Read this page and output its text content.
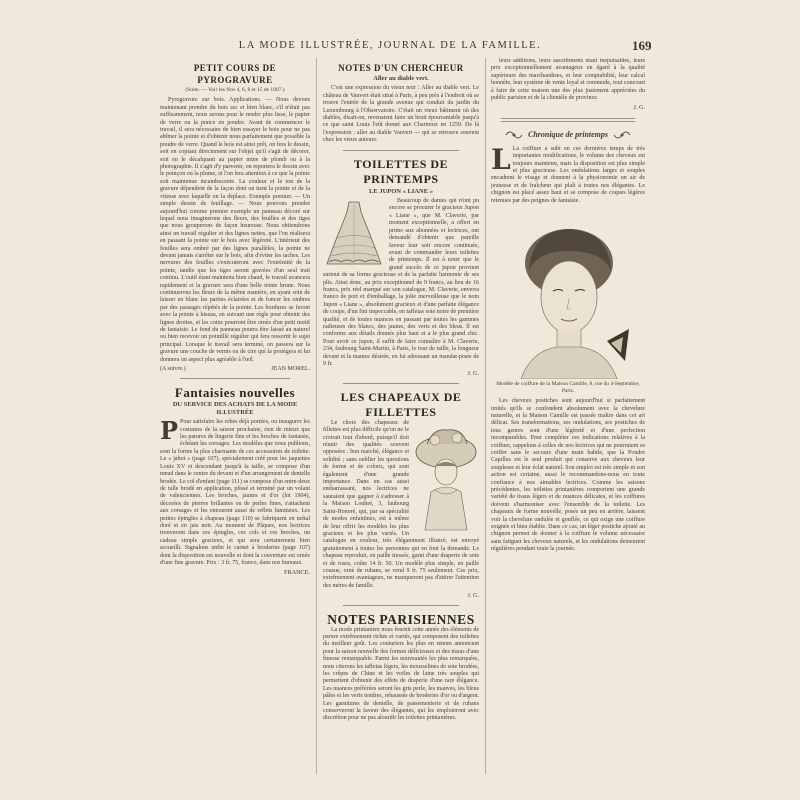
LA MODE ILLUSTRÉE, JOURNAL DE LA FAMILLE.	169
PETIT COURS DE PYROGRAVURE
(Suite. — Voir les Nos 4, 6, 8 et 15 de 1907.)

Pyrogravure sur bois. Applications. — Nous devons maintenant prendre du bois sec et bien blanc, s'il n'était pas suffisamment, nous serons pour le rendre plus lisse, le papier de verre ou la ponce en poudre. Avant de commencer le travail, il sera nécessaire de bien essayer le bois pour ne pas abîmer la pointe et d'obtenir nous parfaitement que possible la poudre de verre. Quand le bois est ainsi prêt, on fera le dessin, soit en copiant directement sur l'objet qu'il s'agit de décorer, soit en le décalquant au papier mine de plomb ou à la photographie. Il s'agit d'y parvenir, on reportera le dessin avec le poinçon ou la plume, et l'on fera attention à ce que la pointe soit maintenue incandescente. La couleur et le ton de la gravure dépendent de la façon dont on tient la pointe et de la vitesse avec laquelle on la déplace. Exemple premier. — Un simple dessin de feuillage. — Nous pouvons prendre aujourd'hui comme premier exemple un panneau décoré sur lequel nous imaginerons des fleurs, des feuilles et des tiges que nous grouperons de façon heureuse. Nous obtiendrons ainsi un travail régulier et des lignes nettes, que l'on réalisera en passant la pointe sur le bois avec légèreté. L'intérieur des feuilles sera ombré par des lignes parallèles, la pointe ne devant jamais s'arrêter sur le bois, afin d'éviter les taches. Les nervures des feuilles s'exécuteront avec l'extrémité de la pointe, tandis que les tiges seront gravées d'un seul trait continu. L'outil étant maintenu bien chaud, le travail avancera rapidement et la gravure sera d'une belle teinte brune. Nous continuerons les fleurs de la même manière, en ayant soin de laisser en blanc les parties éclairées et de foncer les ombres par des passages répétés de la pointe. Les bordures se feront avec la pointe à biseau, en suivant une règle pour obtenir des lignes droites, et les coins pourront être ornés d'un petit motif de fantaisie. Le fond du panneau pourra être laissé au naturel ou bien recevoir un pointillé régulier qui fera ressortir le sujet principal. Lorsque le travail sera terminé, on passera sur la gravure une couche de vernis ou de cire qui la protégera et lui donnera un aspect plus agréable à l'œil.

(A suivre.)	JEAN MOREL.
Fantaisies nouvelles
DU SERVICE DES ACHATS DE LA MODE ILLUSTRÉE

P Pour satisfaire les robes déjà portées, ou inaugurer les costumes de la saison prochaine, rien de mieux que les parures de lingerie fine et les broches de fantaisie, échéant les corsages. Les modèles que nous publions, sont la forme la plus charmante de ces accessoires de toilette. Le « jabot » (page 107), spécialement créé pour les jaquettes Louis XV et descendant jusqu'à la taille, se compose d'un nœud dans le centre du devant et d'un arrangement de dentelle brodée. Le col d'enfant (page 111) se compose d'un entre-deux de tulle brodé en application, plissé et terminé par un volant de valenciennes. Les broches, jaunes et d'or (lot 1904), décorées de pierres brillantes ou de perles fines, s'attachent aux corsages et les entourent aussi de reflets lumineux. Les petites épingles à chapeau (page 110) se fabriquent en métal doré et en jais noir. Au moment de Pâques, nos lectrices trouveront dans ces épingles, ces cols et ces broches, un cadeau simple gracieux, et qui sera certainement bien accueilli. Signalons enfin le carnet à broderies (page 107) dont la disposition est nouvelle et dont la couverture est ornée d'une fine gravure. Prix : 3 fr. 75, franco, dans nos bureaux.

FRANCE.
NOTES D'UN CHERCHEUR
Aller au diable vert.

C'est une expression du vieux noir : Aller au diable vert. Le château de Vauvert était situé à Paris, à peu près à l'endroit où se trouve l'entrée de la grande avenue qui conduit du jardin du Luxembourg à l'Observatoire. C'était un vieux bâtiment où des diables, disait-on, revenaient faire un bruit épouvantable jusqu'à ce que saint Louis l'eût donné aux Chartreux en 1259. De là l'expression : aller au diable Vauvert — qui se retrouve souvent chez les vieux auteurs.

TOILETTES DE PRINTEMPS
LE JUPON « LIANE »

Beaucoup de dames qui n'ont pu encore se procurer le gracieux Jupon « Liane », que M. Claverie, par moment exceptionnelle, a offert en prime aux abonnées et lectrices, ont demandé d'obtenir que pareille faveur leur soit encore continuée, avant de commander leurs toilettes de printemps. Il est à noter que le grand succès de ce jupon provient surtout de sa forme gracieuse et de la parfaite harmonie de ses plis. Ainsi donc, au prix exceptionnel de 9 francs, au lieu de 16 francs, prix réel marqué sur son catalogue, M. Claverie, enverra franco de port et d'emballage, la jolie merveilleuse que le nom Jupon « Liane », absolument gracieux et d'une parfaite élégance de coupe, d'un fini impeccable, en taffetas soie noire de première qualité, et de toutes nuances en passant par toutes les gammes radieuses des blancs, des jaunes, des verts et des bleus. Il est conforme aux détails donnés plus haut et a le plus grand chic. Pour avoir ce jupon, il suffit de faire connaître à M. Claverie, 234, faubourg Saint-Martin, à Paris, le tour de taille, la longueur devant et la nuance désirée, en lui adressant un mandat-poste de 9 fr.

J. G.
LES CHAPEAUX DE FILLETTES

Le choix des chapeaux de fillettes est plus difficile qu'on ne le croirait tout d'abord, puisqu'il doit réunir des qualités souvent opposées : bon marché, élégance et solidité ; sans oublier les questions de forme et de coloris, qui sont également d'une grande importance. Dans un cas aussi embarrassant, nos lectrices ne sauraient que gagner à s'adresser à la Maison Loubré, 3, faubourg Saint-Honoré, qui, par sa spécialité de modes enfantines, est à même de leur offrir les modèles les plus gracieux et les plus variés. Un catalogue en couleur, très élégamment illustré, est envoyé gratuitement à toutes les personnes qui en font la demande. Le chapeau reproduit, en paille tressée, garni d'une draperie de soie et de roses, coûte 14 fr. 50. Un modèle plus simple, en paille cousue, orné de rubans, se vend 9 fr. 75 seulement. Ces prix, extrêmement avantageux, ne manqueront pas d'attirer l'attention des mères de famille.

J. G.
NOTES PARISIENNES

La mode printanière nous fournit cette année des éléments de parure extrêmement riches et variés, qui composent des toilettes du meilleur goût. Les couturiers les plus en renom annoncent pour la saison nouvelle des formes délicieuses et des tissus d'une finesse remarquable. Parmi les nouveautés les plus remarquées, nous citerons les taffetas légers, les mousselines de soie brodées, les crêpes de Chine et les voiles de laine très souples qui permettent d'obtenir des effets de draperie d'une rare élégance. Les nuances préférées seront les gris perle, les mauves, les bleus pâles et les verts tendres, rehaussés de broderies d'or ou d'argent. Les garnitures de dentelle, de passementerie et de rubans conserveront la faveur des élégantes, qui les emploieront avec discrétion pour ne pas alourdir les toilettes printanières.

leurs additions, leurs assortiments étant inépuisables, leurs prix exceptionnellement avantageux en égard à la qualité supérieure des marchandises, et leur comptabilité, leur calcul honnête, leur système de vente loyal et commode, tout concourt à faire de cette maison une des plus justement appréciées du public parisien et de la clientèle de province.

J. G.
Chronique de printemps

L La coiffure a subi en ces dernières temps de très importantes modifications, le volume des cheveux est toujours maintenu, mais la disposition est plus simple et plus gracieuse. Les ondulations larges et souples encadrent le visage et donnent à la physionomie un air de jeunesse et de fraîcheur qui plaît à toutes nos élégantes. Le chignon est placé assez haut et se compose de coques légères retenues par des peignes de fantaisie.

Modèle de coiffure de la Maison Camille, 8, rue du 4-Septembre, Paris.

Les cheveux postiches sont aujourd'hui si parfaitement imités qu'ils se confondent absolument avec la chevelure naturelle, et la Maison Camille est passée maître dans cet art délicat. Ses transformations, ses ondulations, ses postiches de tous genres sont d'une légèreté et d'une perfection incomparables. Pour compléter ces indications relatives à la coiffure, rappelons à celles de nos lectrices qui ne pourraient se coiffer sans le secours d'une main habile, que la Poudre Capillus est le seul produit qui conserve aux cheveux leur souplesse et leur éclat naturel. Son emploi est très simple et son action est certaine, aussi le recommandons-nous en toute confiance à nos aimables lectrices. Comme les saisons précédentes, les toilettes printanières comportent une grande variété de tissus légers et de nuances délicates, et les coiffures doivent s'harmoniser avec l'ensemble de la toilette. Les chapeaux de forme nouvelle, posés un peu en arrière, laissent voir la chevelure ondulée et gonflée, ce qui exige une coiffure soignée et bien établie. Dans ce cas, un léger postiche ajouté au chignon permet de donner à la coiffure le volume nécessaire sans fatiguer les cheveux naturels, et les ondulations demeurent régulières pendant toute la journée.
